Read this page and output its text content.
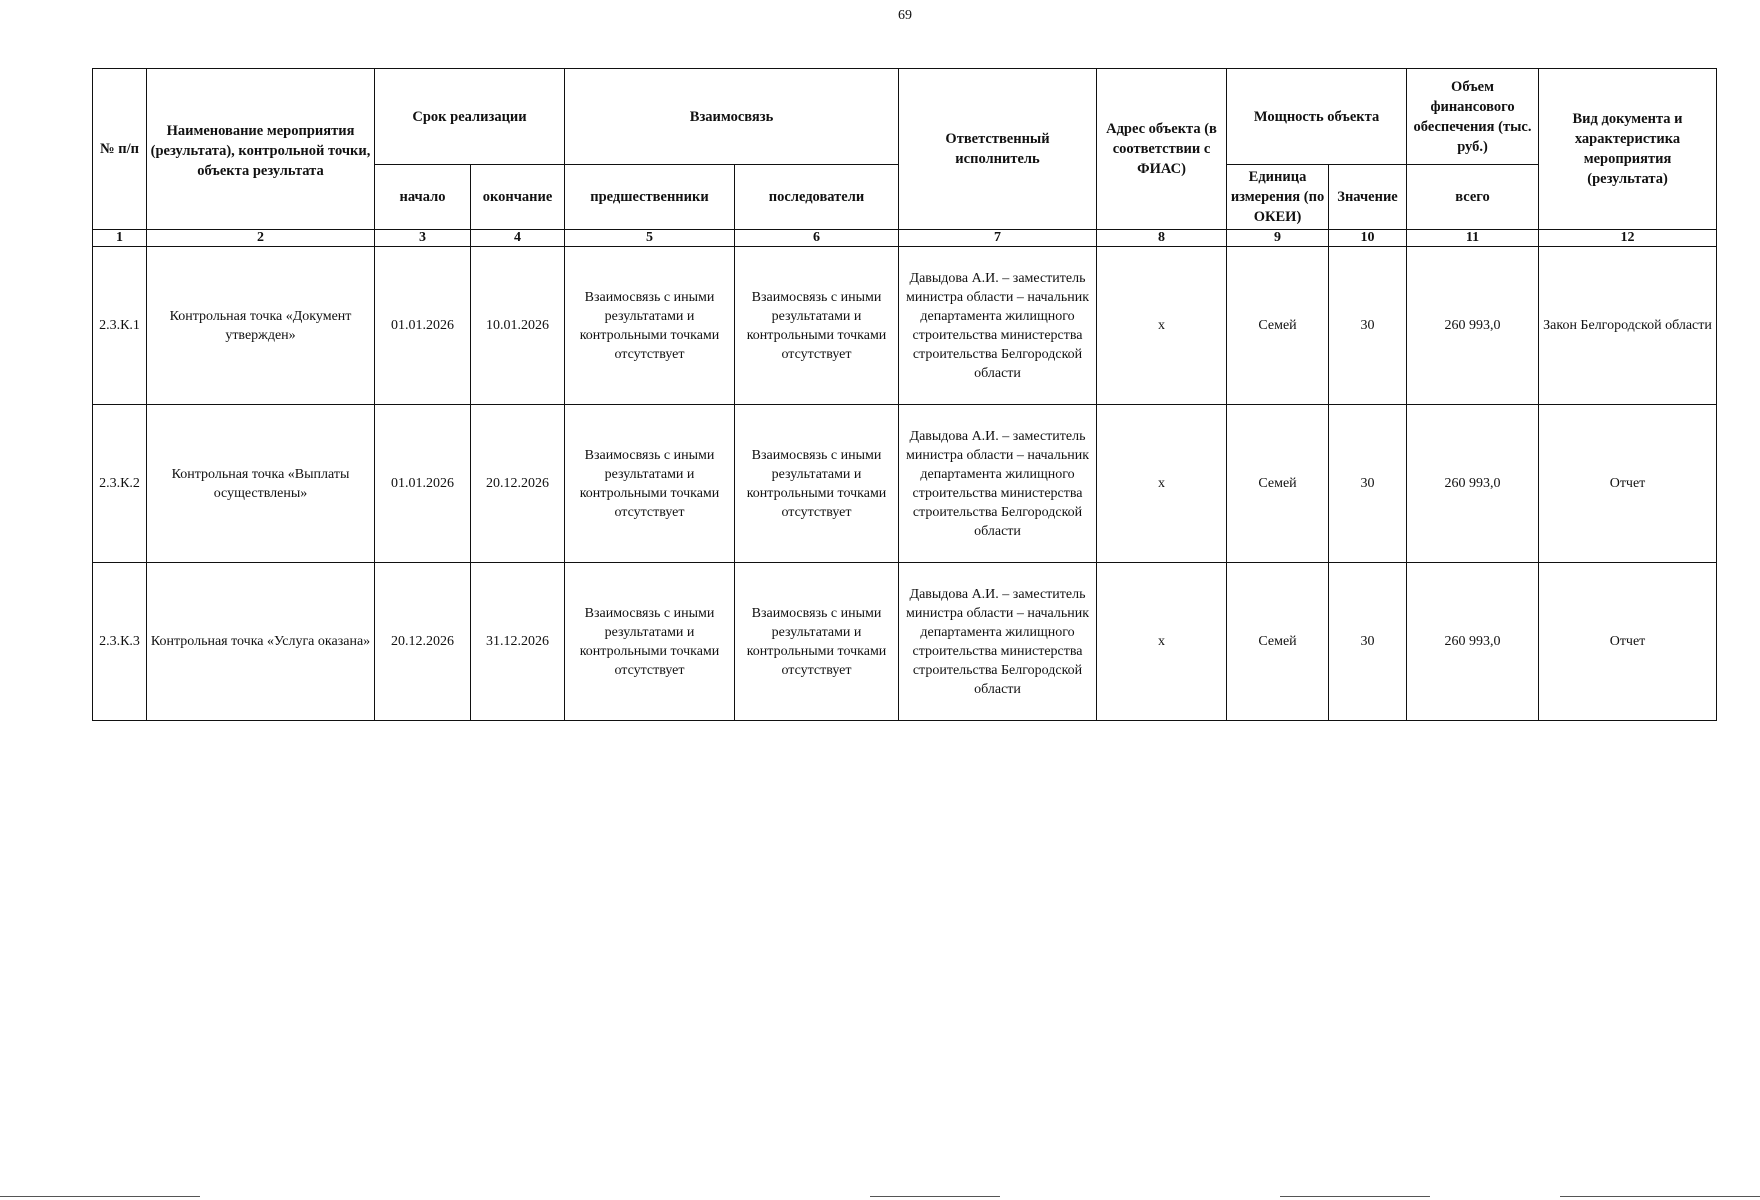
69
№ п/п	Наименование мероприятия (результата), контрольной точки, объекта результата	Срок реализации		Взаимосвязь		Ответственный исполнитель	Адрес объекта (в соответствии с ФИАС)	Мощность объекта		Объем финансового обеспечения (тыс. руб.)	Вид документа и характеристика мероприятия (результата)
		начало	окончание	предшественники	последователи			Единица измерения (по ОКЕИ)	Значение	всего	
1	2	3	4	5	6	7	8	9	10	11	12
2.3.К.1	Контрольная точка «Документ утвержден»	01.01.2026	10.01.2026	Взаимосвязь с иными результатами и контрольными точками отсутствует	Взаимосвязь с иными результатами и контрольными точками отсутствует	Давыдова А.И. – заместитель министра области – начальник департамента жилищного строительства министерства строительства Белгородской области	х	Семей	30	260 993,0	Закон Белгородской области
2.3.К.2	Контрольная точка «Выплаты осуществлены»	01.01.2026	20.12.2026	Взаимосвязь с иными результатами и контрольными точками отсутствует	Взаимосвязь с иными результатами и контрольными точками отсутствует	Давыдова А.И. – заместитель министра области – начальник департамента жилищного строительства министерства строительства Белгородской области	х	Семей	30	260 993,0	Отчет
2.3.К.3	Контрольная точка «Услуга оказана»	20.12.2026	31.12.2026	Взаимосвязь с иными результатами и контрольными точками отсутствует	Взаимосвязь с иными результатами и контрольными точками отсутствует	Давыдова А.И. – заместитель министра области – начальник департамента жилищного строительства министерства строительства Белгородской области	х	Семей	30	260 993,0	Отчет
